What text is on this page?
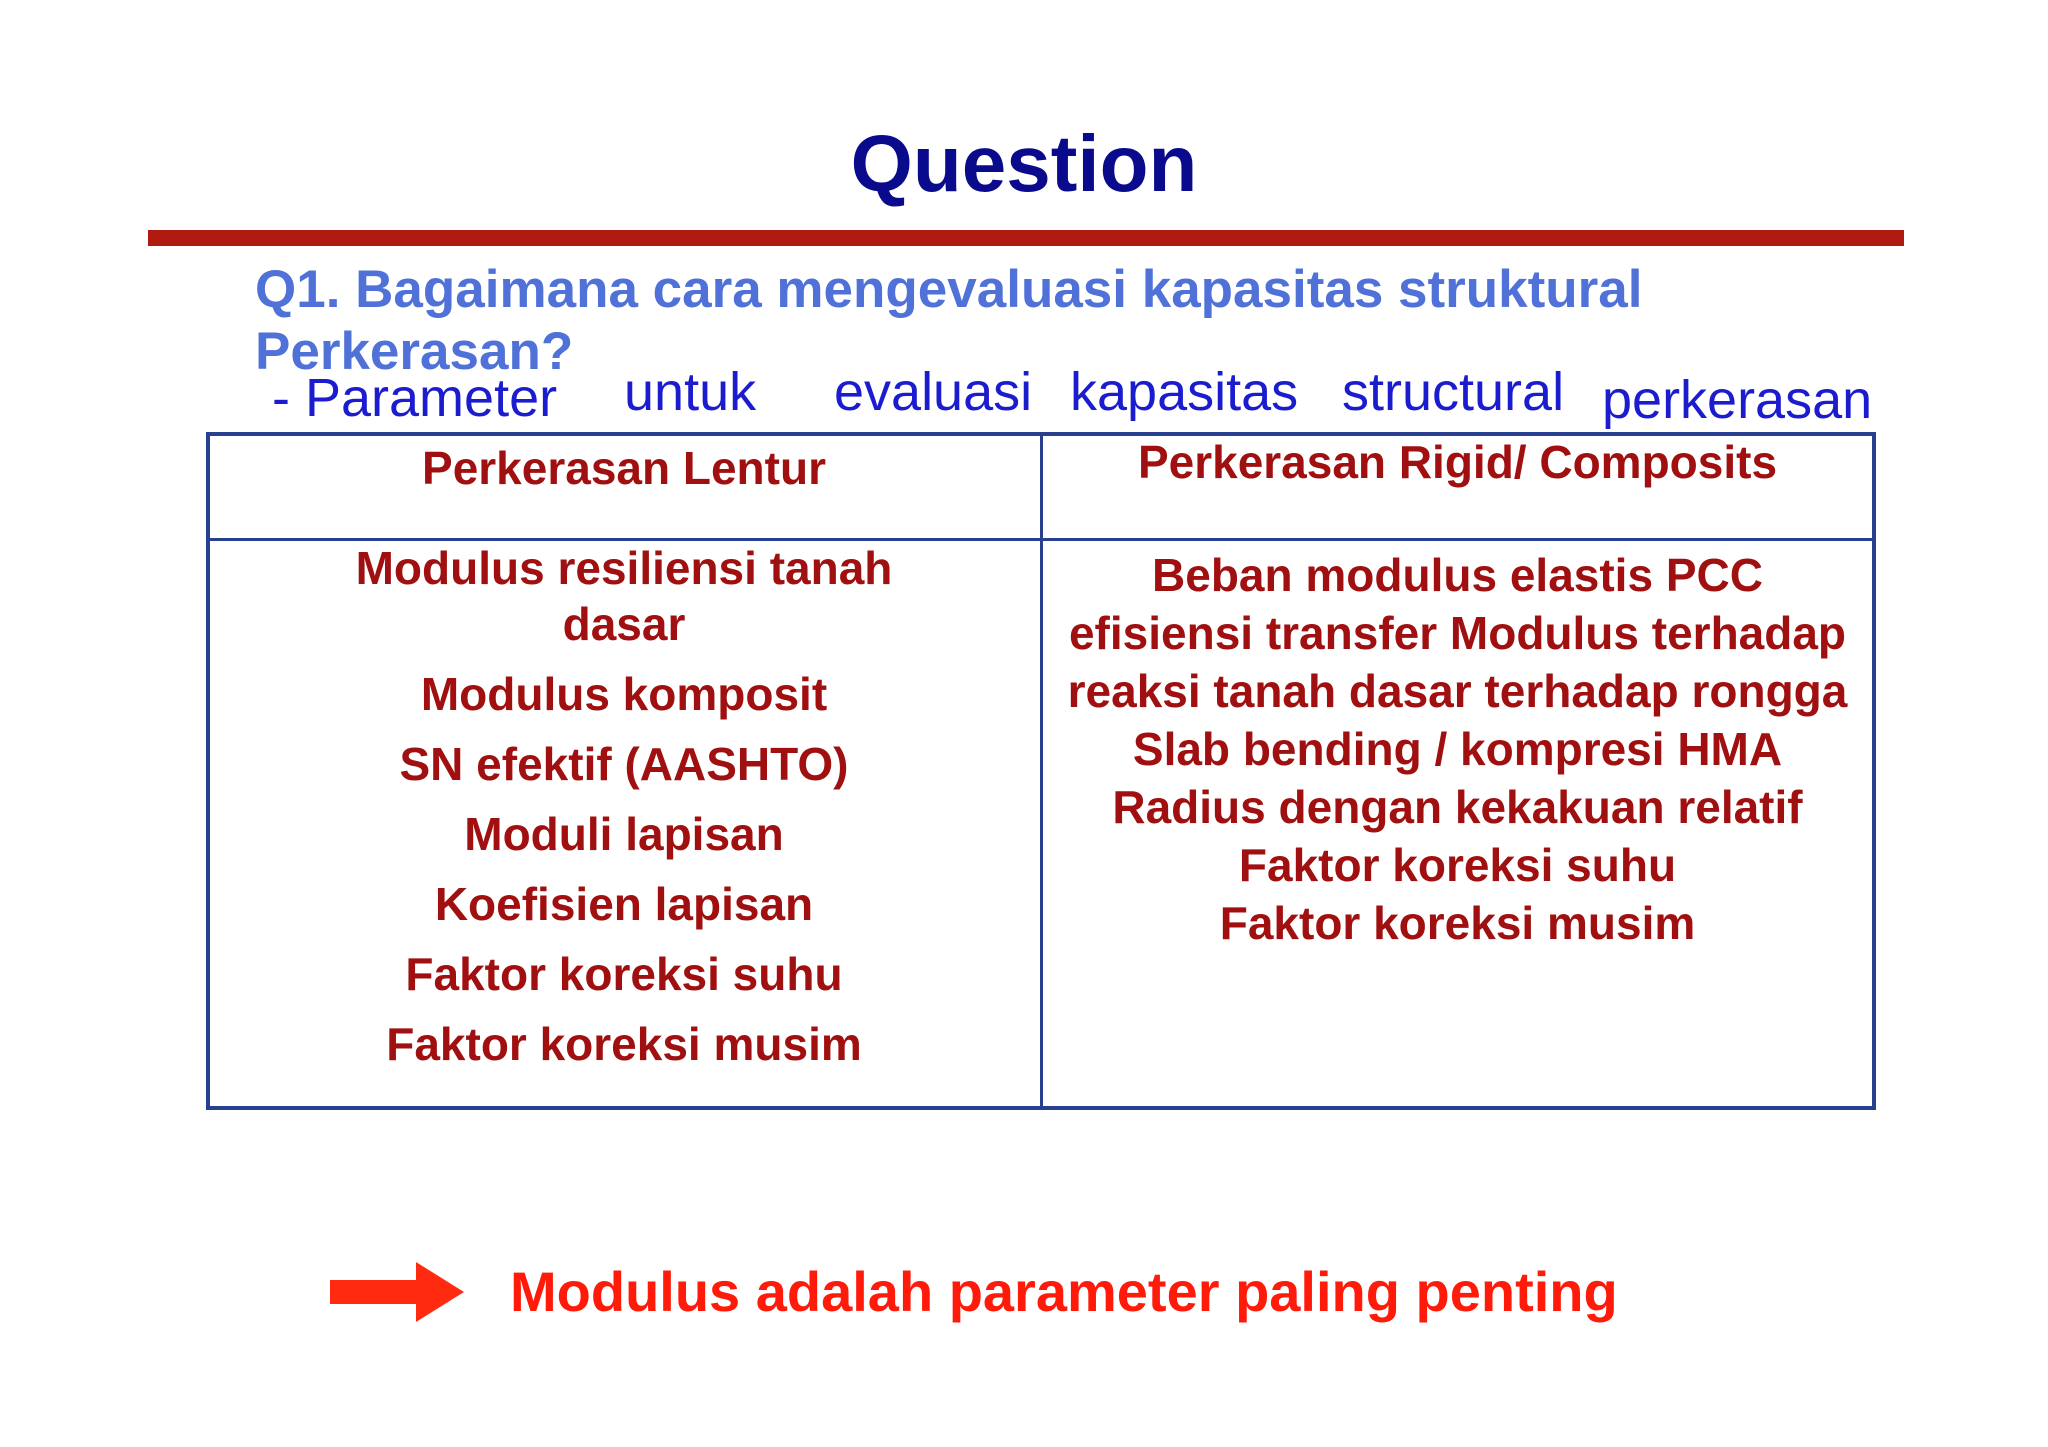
Question
Q1. Bagaimana cara mengevaluasi kapasitas struktural
Perkerasan?
- Parameter untuk evaluasi kapasitas structural perkerasan
Perkerasan Lentur	Perkerasan Rigid/ Composits
Modulus resiliensi tanah
dasar
Modulus komposit
SN efektif (AASHTO)
Moduli lapisan
Koefisien lapisan
Faktor koreksi suhu
Faktor koreksi musim
Beban modulus elastis PCC
efisiensi transfer Modulus terhadap
reaksi tanah dasar terhadap rongga
Slab bending / kompresi HMA
Radius dengan kekakuan relatif
Faktor koreksi suhu
Faktor koreksi musim
Modulus adalah parameter paling penting
